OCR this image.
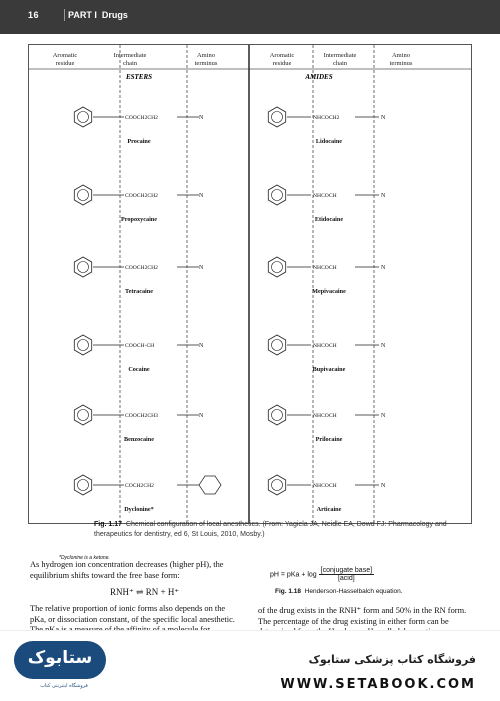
16	PART I Drugs
Aromatic residue
Intermediate chain
Amino terminus
Aromatic residue
Intermediate chain
Amino terminus
ESTERS	AMIDES
COOCH2CH2	N
Procaine
NHCOCH2	N
Lidocaine
COOCH2CH2	N
Propoxycaine
NHCOCH	N
Etidocaine
COOCH2CH2	N
Tetracaine
NHCOCH	N
Mepivacaine
COOCH-CH	N
Cocaine
NHCOCH	N
Bupivacaine
COOCH2CH3	N
Benzocaine
NHCOCH	N
Prilocaine
COCH2CH2
Dyclonine*
NHCOCH	N
Articaine
*Dyclonine is a ketone.
Fig. 1.17 Chemical configuration of local anesthetics. (From: Yagiela JA, Neidle EA, Dowd FJ: Pharmacology and therapeutics for dentistry, ed 6, St Louis, 2010, Mosby.)
As hydrogen ion concentration decreases (higher pH), the equilibrium shifts toward the free base form:
RNH⁺ ⇌ RN + H⁺
The relative proportion of ionic forms also depends on the pKa, or dissociation constant, of the specific local anesthetic.
of the drug exists in the RNH⁺ form and 50% in the RN form. The percentage of the drug existing in either form can be
pH = pKa + $\log \frac{\text{[conjugate base]}}{\text{[acid]}}$
Fig. 1.18 Henderson-Hasselbalch equation.
ستابوک
فروشگاه اینترنتی کتاب
فروشگاه کتاب پزشکی ستابوک
WWW.SETABOOK.COM
